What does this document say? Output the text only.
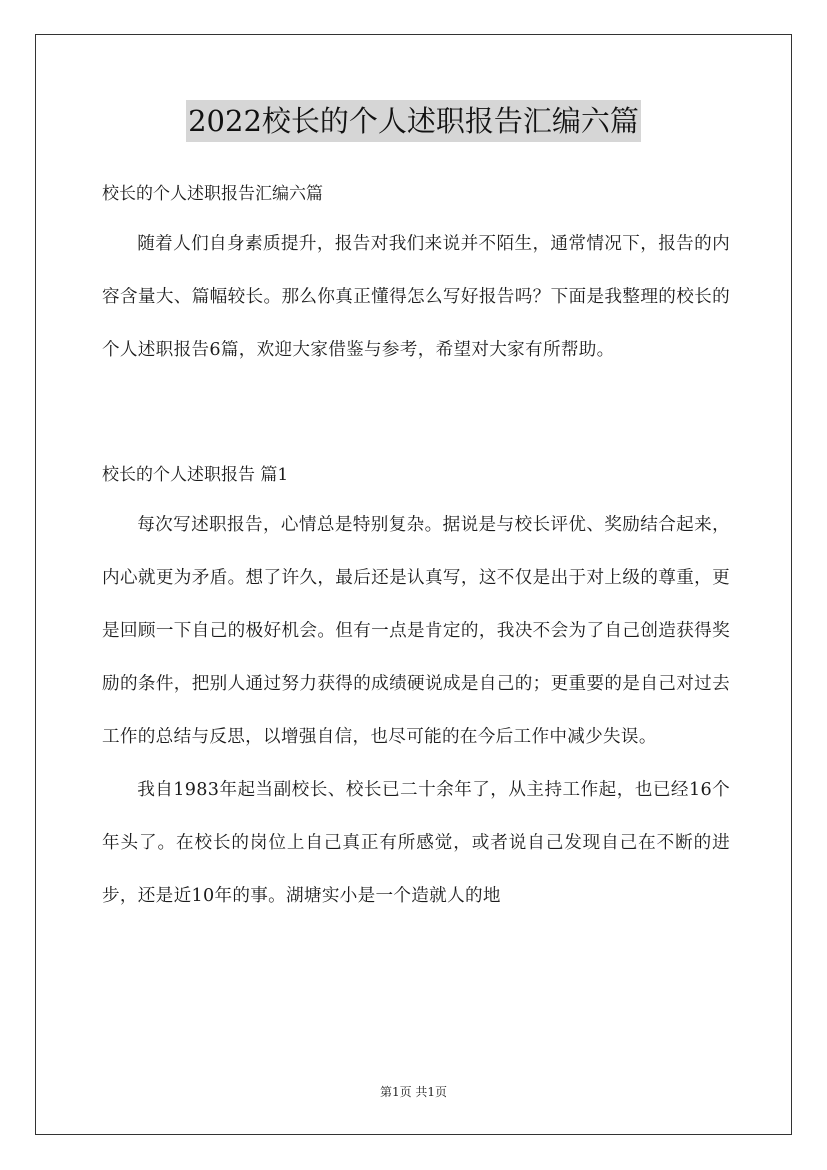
2022校长的个人述职报告汇编六篇

校长的个人述职报告汇编六篇

随着人们自身素质提升，报告对我们来说并不陌生，通常情况下，报告的内容含量大、篇幅较长。那么你真正懂得怎么写好报告吗？下面是我整理的校长的个人述职报告6篇，欢迎大家借鉴与参考，希望对大家有所帮助。

校长的个人述职报告 篇1

每次写述职报告，心情总是特别复杂。据说是与校长评优、奖励结合起来，内心就更为矛盾。想了许久，最后还是认真写，这不仅是出于对上级的尊重，更是回顾一下自己的极好机会。但有一点是肯定的，我决不会为了自己创造获得奖励的条件，把别人通过努力获得的成绩硬说成是自己的；更重要的是自己对过去工作的总结与反思，以增强自信，也尽可能的在今后工作中减少失误。

我自1983年起当副校长、校长已二十余年了，从主持工作起，也已经16个年头了。在校长的岗位上自己真正有所感觉，或者说自己发现自己在不断的进步，还是近10年的事。湖塘实小是一个造就人的地

第1页 共1页
